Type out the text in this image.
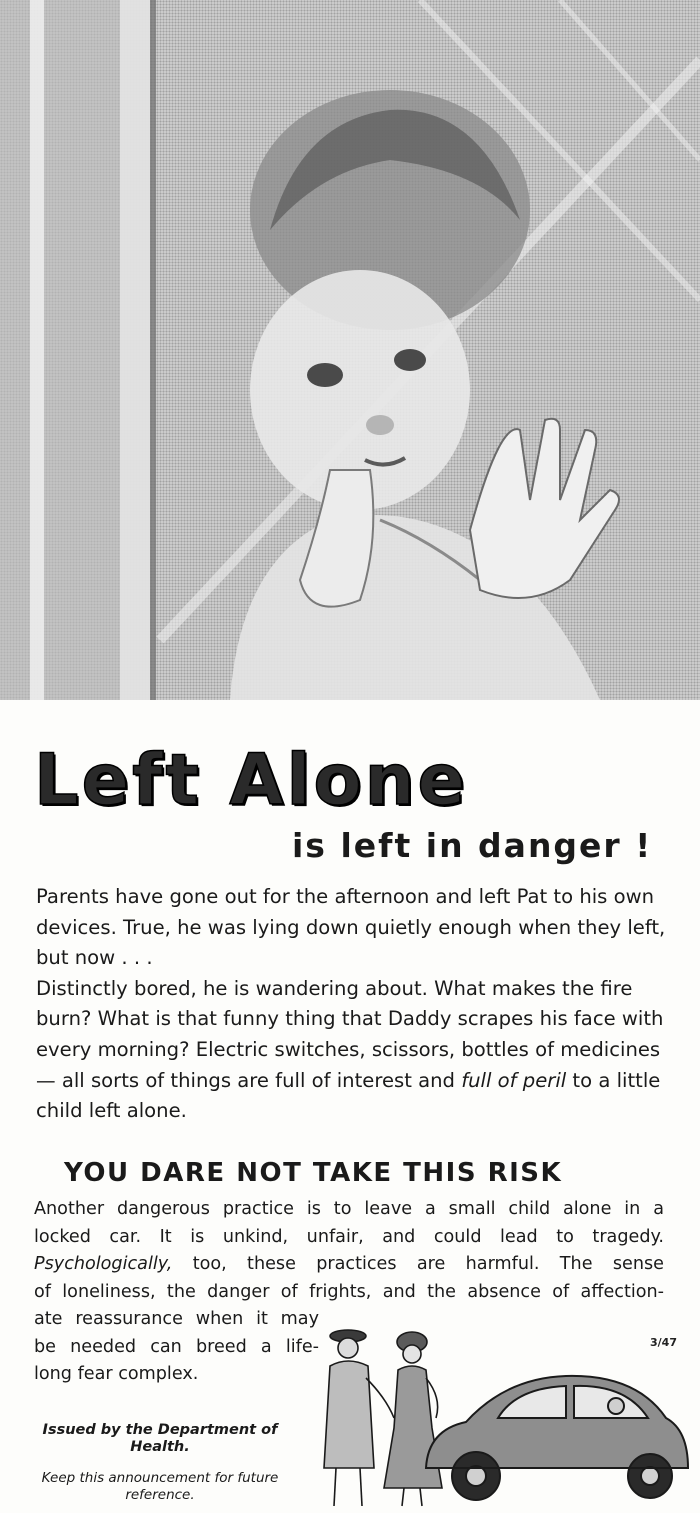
Left Alone
is left in danger !

Parents have gone out for the afternoon and left Pat to his own devices. True, he was lying down quietly enough when they left, but now . . .

Distinctly bored, he is wandering about. What makes the fire burn? What is that funny thing that Daddy scrapes his face with every morning? Electric switches, scissors, bottles of medicines — all sorts of things are full of interest and full of peril to a little child left alone.

YOU DARE NOT TAKE THIS RISK
Another dangerous practice is to leave a small child alone in a
locked car. It is unkind, unfair, and could lead to tragedy.
Psychologically, too, these practices are harmful. The sense
of loneliness, the danger of frights, and the absence of affection-
ate reassurance when it may
be needed can breed a life-
long fear complex.
3/47
Issued by the Department of Health.
Keep this announcement for future reference.
